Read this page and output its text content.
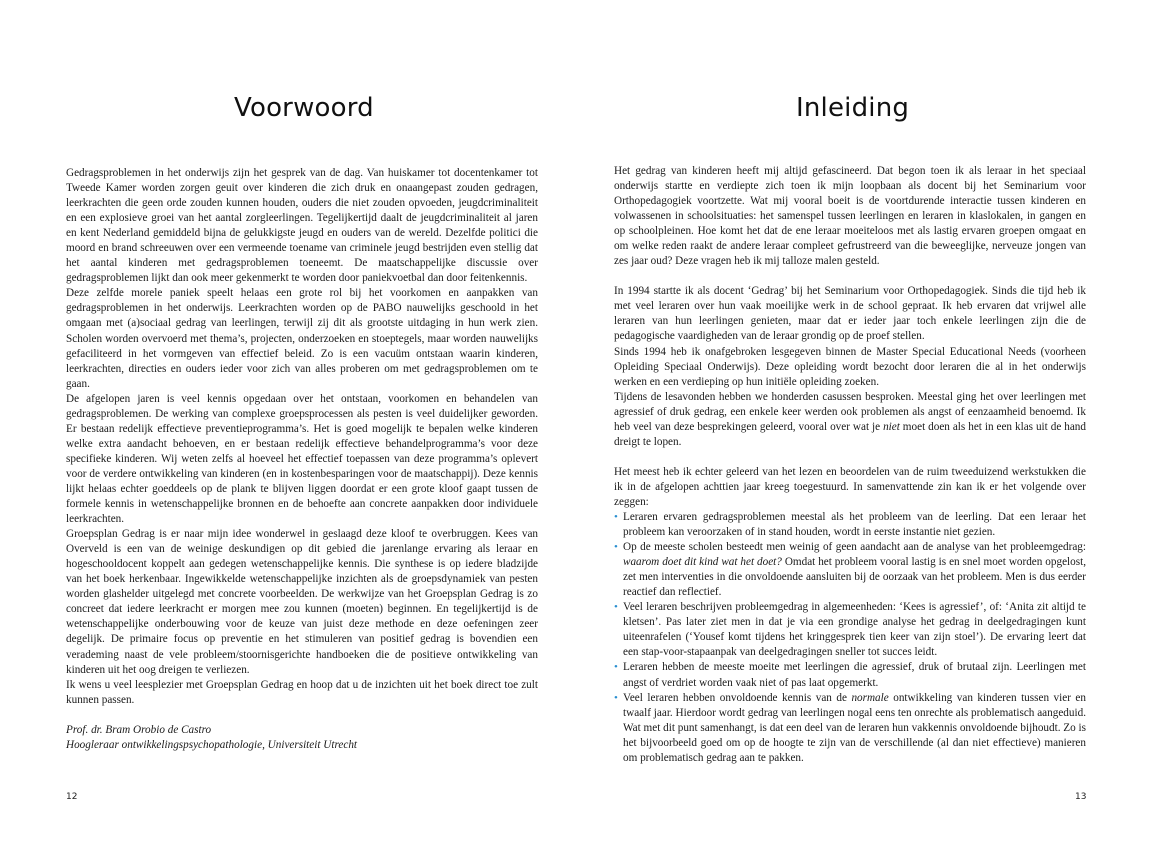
Voorwoord

Gedragsproblemen in het onderwijs zijn het gesprek van de dag. Van huiskamer tot docentenkamer tot Tweede Kamer worden zorgen geuit over kinderen die zich druk en onaangepast zouden gedragen, leerkrachten die geen orde zouden kunnen houden, ouders die niet zouden opvoeden, jeugdcriminaliteit en een explosieve groei van het aantal zorgleerlingen. Tegelijkertijd daalt de jeugdcriminaliteit al jaren en kent Nederland gemiddeld bijna de gelukkigste jeugd en ouders van de wereld. Dezelfde politici die moord en brand schreeuwen over een vermeende toename van criminele jeugd bestrijden even stellig dat het aantal kinderen met gedragsproblemen toeneemt. De maatschappelijke discussie over gedragsproblemen lijkt dan ook meer gekenmerkt te worden door paniekvoetbal dan door feitenkennis.

Deze zelfde morele paniek speelt helaas een grote rol bij het voorkomen en aanpakken van gedragsproblemen in het onderwijs. Leerkrachten worden op de PABO nauwelijks geschoold in het omgaan met (a)sociaal gedrag van leerlingen, terwijl zij dit als grootste uitdaging in hun werk zien. Scholen worden overvoerd met thema’s, projecten, onderzoeken en stoeptegels, maar worden nauwelijks gefaciliteerd in het vormgeven van effectief beleid. Zo is een vacuüm ontstaan waarin kinderen, leerkrachten, directies en ouders ieder voor zich van alles proberen om met gedragsproblemen om te gaan.

De afgelopen jaren is veel kennis opgedaan over het ontstaan, voorkomen en behandelen van gedragsproblemen. De werking van complexe groepsprocessen als pesten is veel duidelijker geworden. Er bestaan redelijk effectieve preventieprogramma’s. Het is goed mogelijk te bepalen welke kinderen welke extra aandacht behoeven, en er bestaan redelijk effectieve behandelprogramma’s voor deze specifieke kinderen. Wij weten zelfs al hoeveel het effectief toepassen van deze programma’s oplevert voor de verdere ontwikkeling van kinderen (en in kostenbesparingen voor de maatschappij). Deze kennis lijkt helaas echter goeddeels op de plank te blijven liggen doordat er een grote kloof gaapt tussen de formele kennis in wetenschappelijke bronnen en de behoefte aan concrete aanpakken door individuele leerkrachten.

Groepsplan Gedrag is er naar mijn idee wonderwel in geslaagd deze kloof te overbruggen. Kees van Overveld is een van de weinige deskundigen op dit gebied die jarenlange ervaring als leraar en hogeschooldocent koppelt aan gedegen wetenschappelijke kennis. Die synthese is op iedere bladzijde van het boek herkenbaar. Ingewikkelde wetenschappelijke inzichten als de groepsdynamiek van pesten worden glashelder uitgelegd met concrete voorbeelden. De werkwijze van het Groepsplan Gedrag is zo concreet dat iedere leerkracht er morgen mee zou kunnen (moeten) beginnen. En tegelijkertijd is de wetenschappelijke onderbouwing voor de keuze van juist deze methode en deze oefeningen zeer degelijk. De primaire focus op preventie en het stimuleren van positief gedrag is bovendien een verademing naast de vele probleem/stoornisgerichte handboeken die de positieve ontwikkeling van kinderen uit het oog dreigen te verliezen.

Ik wens u veel leesplezier met Groepsplan Gedrag en hoop dat u de inzichten uit het boek direct toe zult kunnen passen.

Prof. dr. Bram Orobio de Castro

Hoogleraar ontwikkelingspsychopathologie, Universiteit Utrecht

12
Inleiding

Het gedrag van kinderen heeft mij altijd gefascineerd. Dat begon toen ik als leraar in het speciaal onderwijs startte en verdiepte zich toen ik mijn loopbaan als docent bij het Seminarium voor Orthopedagogiek voortzette. Wat mij vooral boeit is de voortdurende interactie tussen kinderen en volwassenen in schoolsituaties: het samenspel tussen leerlingen en leraren in klaslokalen, in gangen en op schoolpleinen. Hoe komt het dat de ene leraar moeiteloos met als lastig ervaren groepen omgaat en om welke reden raakt de andere leraar compleet gefrustreerd van die beweeglijke, nerveuze jongen van zes jaar oud? Deze vragen heb ik mij talloze malen gesteld.

In 1994 startte ik als docent ‘Gedrag’ bij het Seminarium voor Orthopedagogiek. Sinds die tijd heb ik met veel leraren over hun vaak moeilijke werk in de school gepraat. Ik heb ervaren dat vrijwel alle leraren van hun leerlingen genieten, maar dat er ieder jaar toch enkele leerlingen zijn die de pedagogische vaardigheden van de leraar grondig op de proef stellen.

Sinds 1994 heb ik onafgebroken lesgegeven binnen de Master Special Educational Needs (voorheen Opleiding Speciaal Onderwijs). Deze opleiding wordt bezocht door leraren die al in het onderwijs werken en een verdieping op hun initiële opleiding zoeken.

Tijdens de lesavonden hebben we honderden casussen besproken. Meestal ging het over leerlingen met agressief of druk gedrag, een enkele keer werden ook problemen als angst of eenzaamheid benoemd. Ik heb veel van deze besprekingen geleerd, vooral over wat je niet moet doen als het in een klas uit de hand dreigt te lopen.

Het meest heb ik echter geleerd van het lezen en beoordelen van de ruim tweeduizend werkstukken die ik in de afgelopen achttien jaar kreeg toegestuurd. In samenvattende zin kan ik er het volgende over zeggen:

• Leraren ervaren gedragsproblemen meestal als het probleem van de leerling. Dat een leraar het probleem kan veroorzaken of in stand houden, wordt in eerste instantie niet gezien.
• Op de meeste scholen besteedt men weinig of geen aandacht aan de analyse van het probleemgedrag: waarom doet dit kind wat het doet? Omdat het probleem vooral lastig is en snel moet worden opgelost, zet men interventies in die onvoldoende aansluiten bij de oorzaak van het probleem. Men is dus eerder reactief dan reflectief.
• Veel leraren beschrijven probleemgedrag in algemeenheden: ‘Kees is agressief’, of: ‘Anita zit altijd te kletsen’. Pas later ziet men in dat je via een grondige analyse het gedrag in deelgedragingen kunt uiteenrafelen (‘Yousef komt tijdens het kringgesprek tien keer van zijn stoel’). De ervaring leert dat een stap-voor-stapaanpak van deelgedragingen sneller tot succes leidt.
• Leraren hebben de meeste moeite met leerlingen die agressief, druk of brutaal zijn. Leerlingen met angst of verdriet worden vaak niet of pas laat opgemerkt.
• Veel leraren hebben onvoldoende kennis van de normale ontwikkeling van kinderen tussen vier en twaalf jaar. Hierdoor wordt gedrag van leerlingen nogal eens ten onrechte als problematisch aangeduid. Wat met dit punt samenhangt, is dat een deel van de leraren hun vakkennis onvoldoende bijhoudt. Zo is het bijvoorbeeld goed om op de hoogte te zijn van de verschillende (al dan niet effectieve) manieren om problematisch gedrag aan te pakken.
13
